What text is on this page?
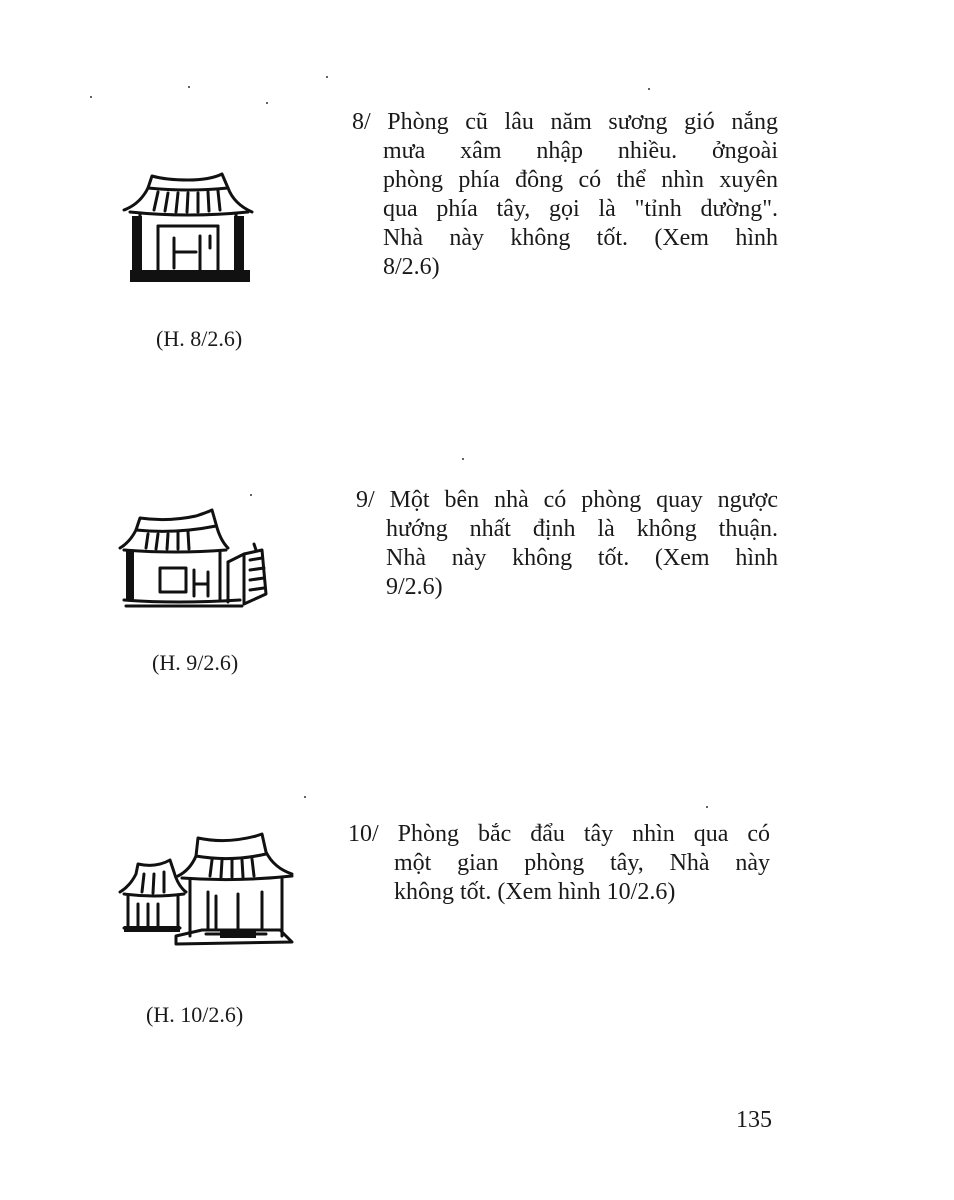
8/ Phòng cũ lâu năm sương gió nắng
mưa xâm nhập nhiều. ởngoài
phòng phía đông có thể nhìn xuyên
qua phía tây, gọi là "tỉnh dường".
Nhà này không tốt. (Xem hình
8/2.6)
(H. 8/2.6)
9/ Một bên nhà có phòng quay ngược
hướng nhất định là không thuận.
Nhà này không tốt. (Xem hình
9/2.6)
(H. 9/2.6)
10/ Phòng bắc đẩu tây nhìn qua có
một gian phòng tây, Nhà này
không tốt. (Xem hình 10/2.6)
(H. 10/2.6)
135
